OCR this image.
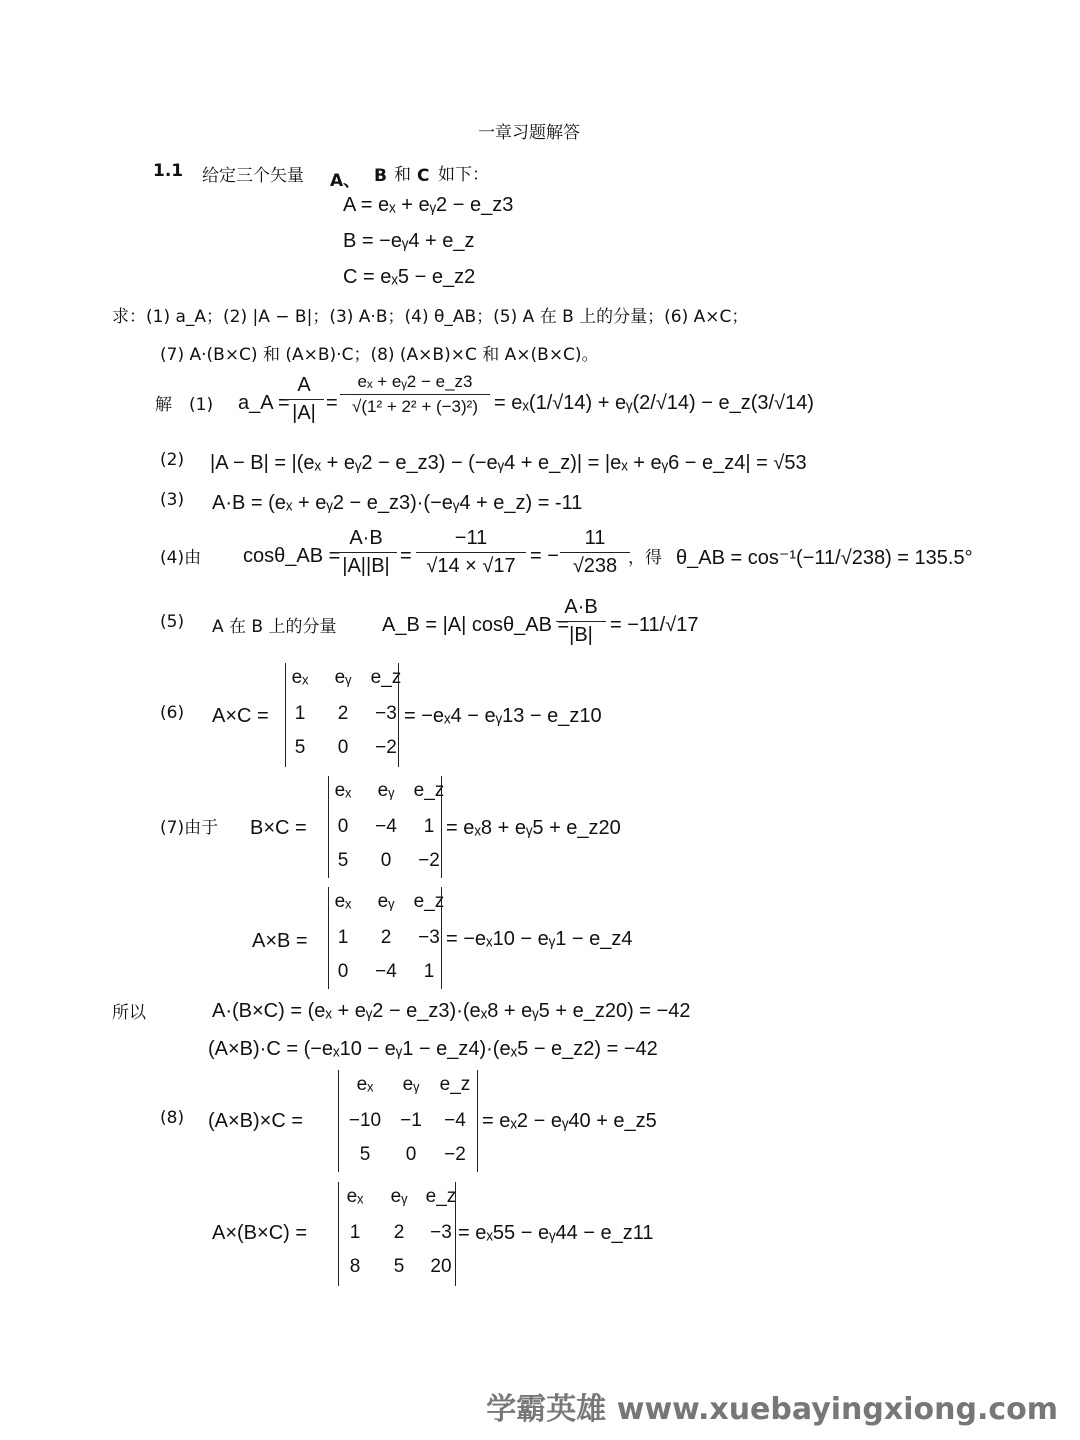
一章习题解答
1.1 给定三个矢量 A、 B 和 C 如下：
A = eₓ + eᵧ2 − e_z3
B = −eᵧ4 + e_z
C = eₓ5 − e_z2
求：(1) a_A；(2) |A − B|；(3) A·B；(4) θ_AB；(5) A 在 B 上的分量；(6) A×C；
(7) A·(B×C) 和 (A×B)·C；(8) (A×B)×C 和 A×(B×C)。
解　(1) a_A =
$\frac{A}{|A|} = \frac{\text{eₓ + eᵧ2 − e\_z3}}{\text{√(1² + 2² + (−3)²)}} = e_x(1/√14)$ + eᵧ(2/√14) − e_z(3/√14)
(2) |A − B| = |(eₓ + eᵧ2 − e_z3) − (−eᵧ4 + e_z)| = |eₓ + eᵧ6 − e_z4| = √53
(3) A·B = (eₓ + eᵧ2 − e_z3)·(−eᵧ4 + e_z) = -11
(4)由 cosθ_AB =
$\frac{A\cdot B}{|A||B|} = \frac{-11}{√14 \times √17}$ = − $\frac{11}{√238}$
，得 θ_AB = cos⁻¹(−11/√238) = 135.5°
(5) A 在 B 上的分量 A_B = |A| cosθ_AB =
$\frac{A\cdot B}{|B|} = -11/√17$
(6) A×C =
eₓ	eᵧ	e_z
1	2	−3
5	0	−2
= −eₓ4 − eᵧ13 − e_z10
(7)由于 B×C =
eₓ	eᵧ	e_z
0	−4	1
5	0	−2
= eₓ8 + eᵧ5 + e_z20
A×B =
eₓ	eᵧ	e_z
1	2	−3
0	−4	1
= −eₓ10 − eᵧ1 − e_z4
所以	A·(B×C) = (eₓ + eᵧ2 − e_z3)·(eₓ8 + eᵧ5 + e_z20) = −42
(A×B)·C = (−eₓ10 − eᵧ1 − e_z4)·(eₓ5 − e_z2) = −42
(8) (A×B)×C =
eₓ	eᵧ	e_z
−10	−1	−4
5	0	−2
= eₓ2 − eᵧ40 + e_z5
A×(B×C) =
eₓ	eᵧ e_z
1	2	−3
8	5	20
= eₓ55 − eᵧ44 − e_z11
学霸英雄 www.xuebayingxiong.com
